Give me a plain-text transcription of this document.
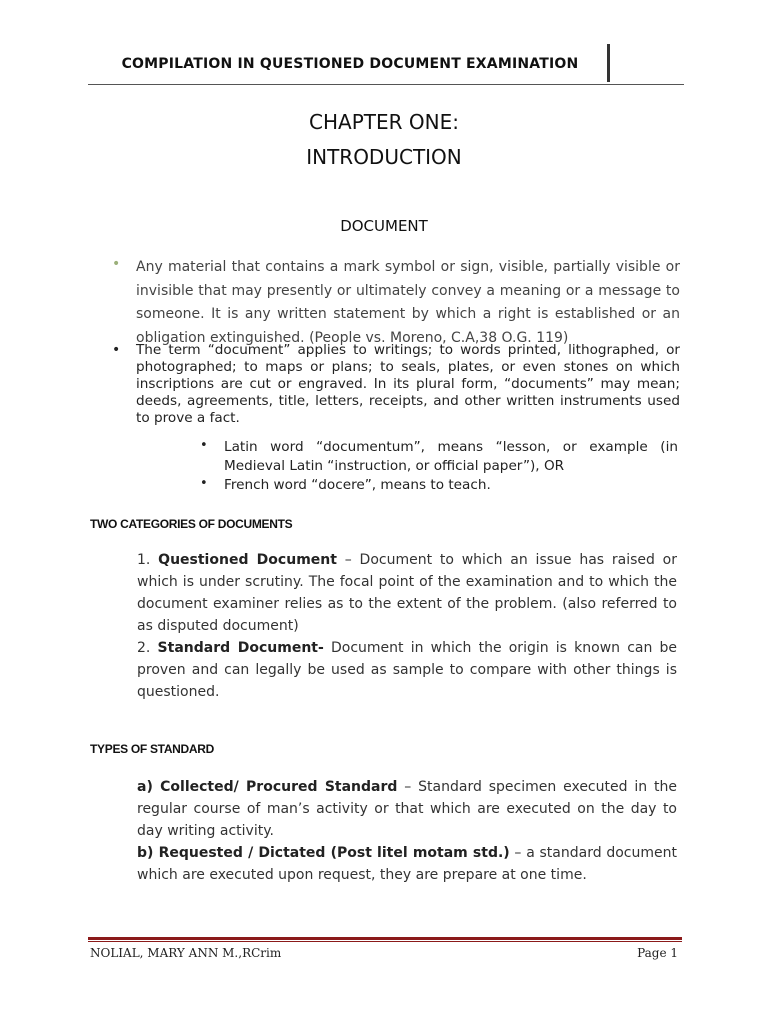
COMPILATION IN QUESTIONED DOCUMENT EXAMINATION
CHAPTER ONE:
INTRODUCTION
DOCUMENT
• Any material that contains a mark symbol or sign, visible, partially visible or invisible that may presently or ultimately convey a meaning or a message to someone. It is any written statement by which a right is established or an obligation extinguished. (People vs. Moreno, C.A,38 O.G. 119)
• The term “document” applies to writings; to words printed, lithographed, or photographed; to maps or plans; to seals, plates, or even stones on which inscriptions are cut or engraved. In its plural form, “documents” may mean; deeds, agreements, title, letters, receipts, and other written instruments used to prove a fact.
• Latin word “documentum”, means “lesson, or example (in Medieval Latin “instruction, or official paper”), OR
• French word “docere”, means to teach.
TWO CATEGORIES OF DOCUMENTS
1. Questioned Document – Document to which an issue has raised or which is under scrutiny. The focal point of the examination and to which the document examiner relies as to the extent of the problem. (also referred to as disputed document)
2. Standard Document- Document in which the origin is known can be proven and can legally be used as sample to compare with other things is questioned.
TYPES OF STANDARD
a) Collected/ Procured Standard – Standard specimen executed in the regular course of man’s activity or that which are executed on the day to day writing activity.
b) Requested / Dictated (Post litel motam std.) – a standard document which are executed upon request, they are prepare at one time.
NOLIAL, MARY ANN M.,RCrim	Page 1
